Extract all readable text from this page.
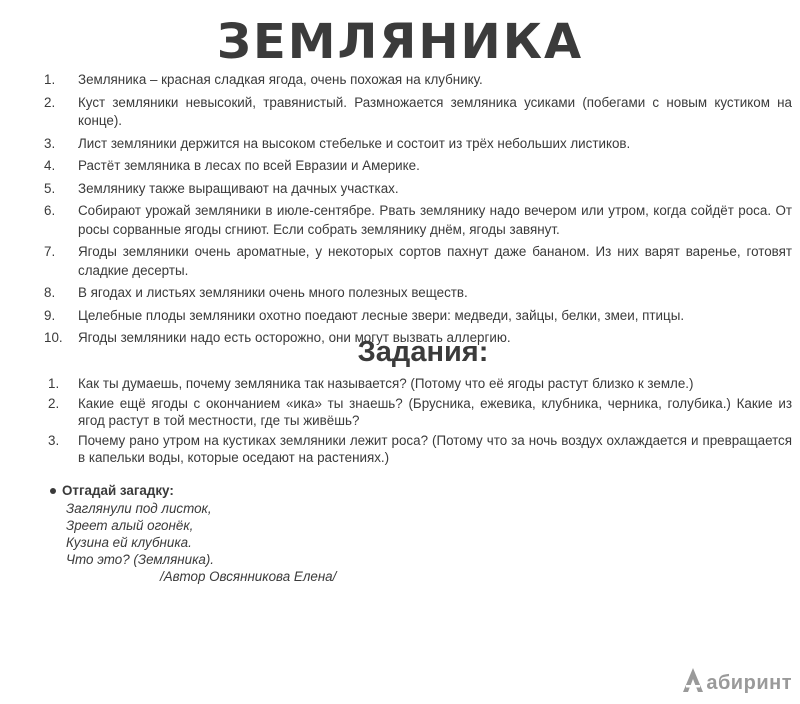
ЗЕМЛЯНИКА
1.	Земляника – красная сладкая ягода, очень похожая на клубнику.
2.	Куст земляники невысокий, травянистый. Размножается земляника усиками (побегами с новым кустиком на конце).
3.	Лист земляники держится на высоком стебельке и состоит из трёх небольших листиков.
4.	Растёт земляника в лесах по всей Евразии и Америке.
5.	Землянику также выращивают на дачных участках.
6.	Собирают урожай земляники в июле-сентябре. Рвать землянику надо вечером или утром, когда сойдёт роса. От росы сорванные ягоды сгниют. Если собрать землянику днём, ягоды завянут.
7.	Ягоды земляники очень ароматные, у некоторых сортов пахнут даже бананом. Из них варят варенье, готовят сладкие десерты.
8.	В ягодах и листьях земляники очень много полезных веществ.
9.	Целебные плоды земляники охотно поедают лесные звери: медведи, зайцы, белки, змеи, птицы.
10.	Ягоды земляники надо есть осторожно, они могут вызвать аллергию.
Задания:
1.	Как ты думаешь, почему земляника так называется? (Потому что её ягоды растут близко к земле.)
2.	Какие ещё ягоды с окончанием «ика» ты знаешь? (Брусника, ежевика, клубника, черника, голубика.) Какие из ягод растут в той местности, где ты живёшь?
3.	Почему рано утром на кустиках земляники лежит роса? (Потому что за ночь воздух охлаждается и превращается в капельки воды, которые оседают на растениях.)
Отгадай загадку:
Заглянули под листок,
Зреет алый огонёк,
Кузина ей клубника.
Что это? (Земляника).
/Автор Овсянникова Елена/
абиринт
